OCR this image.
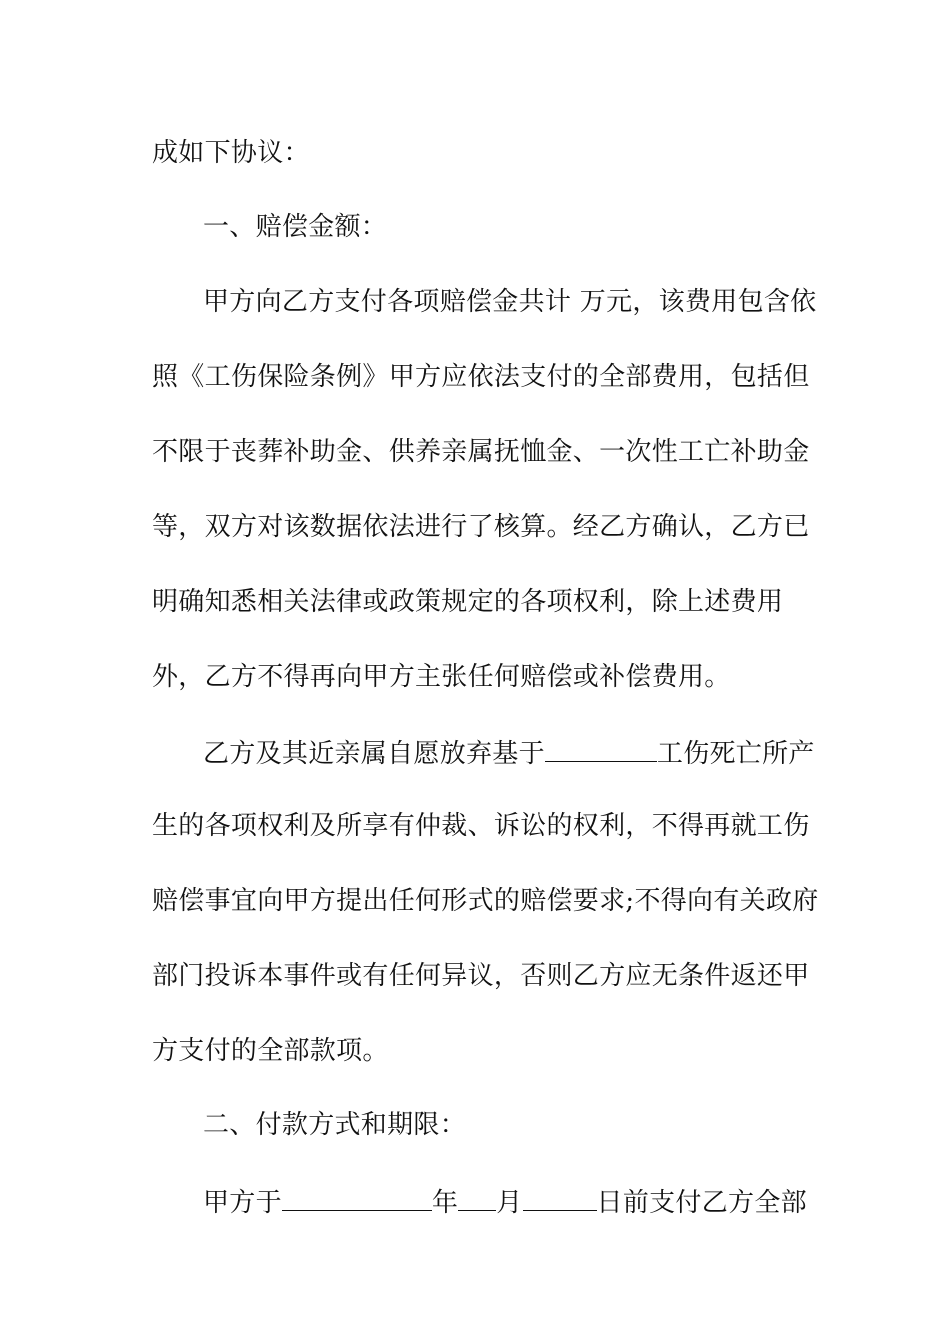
成如下协议：
一、赔偿金额：
甲方向乙方支付各项赔偿金共计 万元，该费用包含依
照《工伤保险条例》甲方应依法支付的全部费用，包括但
不限于丧葬补助金、供养亲属抚恤金、一次性工亡补助金
等，双方对该数据依法进行了核算。经乙方确认，乙方已
明确知悉相关法律或政策规定的各项权利，除上述费用
外，乙方不得再向甲方主张任何赔偿或补偿费用。
乙方及其近亲属自愿放弃基于	工伤死亡所产
生的各项权利及所享有仲裁、诉讼的权利，不得再就工伤
赔偿事宜向甲方提出任何形式的赔偿要求;不得向有关政府
部门投诉本事件或有任何异议，否则乙方应无条件返还甲
方支付的全部款项。
二、付款方式和期限：
甲方于	年 月	日前支付乙方全部
